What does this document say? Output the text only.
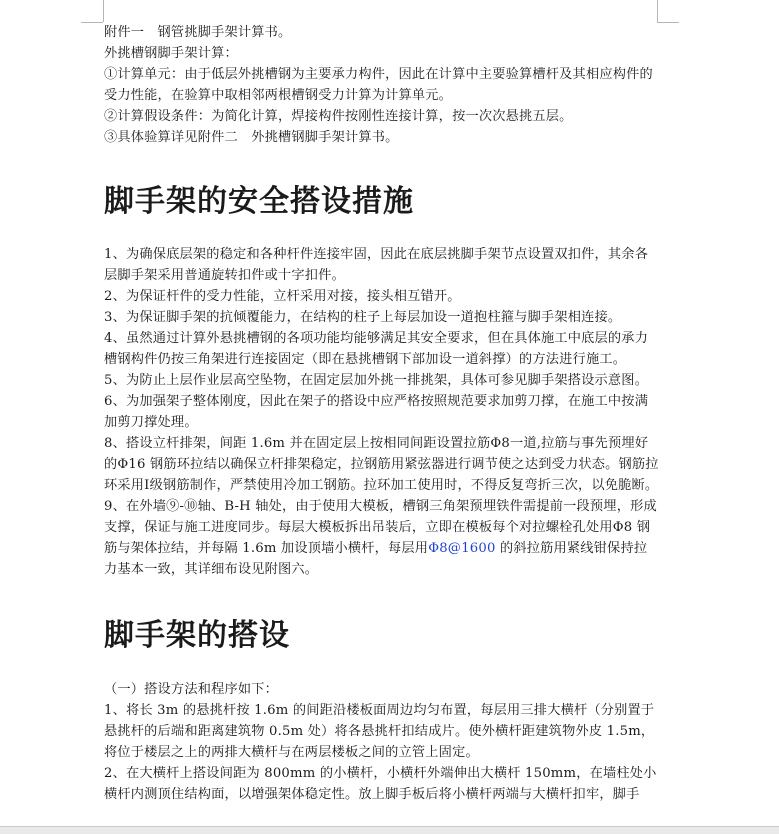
附件一　钢管挑脚手架计算书。

外挑槽钢脚手架计算：

①计算单元：由于低层外挑槽钢为主要承力构件，因此在计算中主要验算槽杆及其相应构件的受力性能，在验算中取相邻两根槽钢受力计算为计算单元。

②计算假设条件：为简化计算，焊接构件按刚性连接计算，按一次次悬挑五层。

③具体验算详见附件二　外挑槽钢脚手架计算书。

脚手架的安全搭设措施

1、为确保底层架的稳定和各种杆件连接牢固，因此在底层挑脚手架节点设置双扣件，其余各层脚手架采用普通旋转扣件或十字扣件。

2、为保证杆件的受力性能，立杆采用对接，接头相互错开。

3、为保证脚手架的抗倾覆能力，在结构的柱子上每层加设一道抱柱箍与脚手架相连接。

4、虽然通过计算外悬挑槽钢的各项功能均能够满足其安全要求，但在具体施工中底层的承力槽钢构件仍按三角架进行连接固定（即在悬挑槽钢下部加设一道斜撑）的方法进行施工。

5、为防止上层作业层高空坠物，在固定层加外挑一排挑架，具体可参见脚手架搭设示意图。

6、为加强架子整体刚度，因此在架子的搭设中应严格按照规范要求加剪刀撑，在施工中按满加剪刀撑处理。

8、搭设立杆排架，间距 1.6m 并在固定层上按相同间距设置拉筋Φ8一道,拉筋与事先预埋好的Φ16 钢筋环拉结以确保立杆排架稳定，拉钢筋用紧弦器进行调节使之达到受力状态。钢筋拉环采用Ⅰ级钢筋制作，严禁使用冷加工钢筋。拉环加工使用时，不得反复弯折三次，以免脆断。

9、在外墙⑨-⑩轴、B-H 轴处，由于使用大模板，槽钢三角架预埋铁件需提前一段预埋，形成支撑，保证与施工进度同步。每层大模板拆出吊装后，立即在模板每个对拉螺栓孔处用Φ8 钢筋与架体拉结，并每隔 1.6m 加设顶墙小横杆，每层用Φ8@1600 的斜拉筋用紧线钳保持拉力基本一致，其详细布设见附图六。

脚手架的搭设

（一）搭设方法和程序如下：

1、将长 3m 的悬挑杆按 1.6m 的间距沿楼板面周边均匀布置，每层用三排大横杆（分别置于悬挑杆的后端和距离建筑物 0.5m 处）将各悬挑杆扣结成片。使外横杆距建筑物外皮 1.5m，将位于楼层之上的两排大横杆与在两层楼板之间的立管上固定。

2、在大横杆上搭设间距为 800mm 的小横杆，小横杆外端伸出大横杆 150mm，在墙柱处小横杆内测顶住结构面，以增强架体稳定性。放上脚手板后将小横杆两端与大横杆扣牢，脚手
